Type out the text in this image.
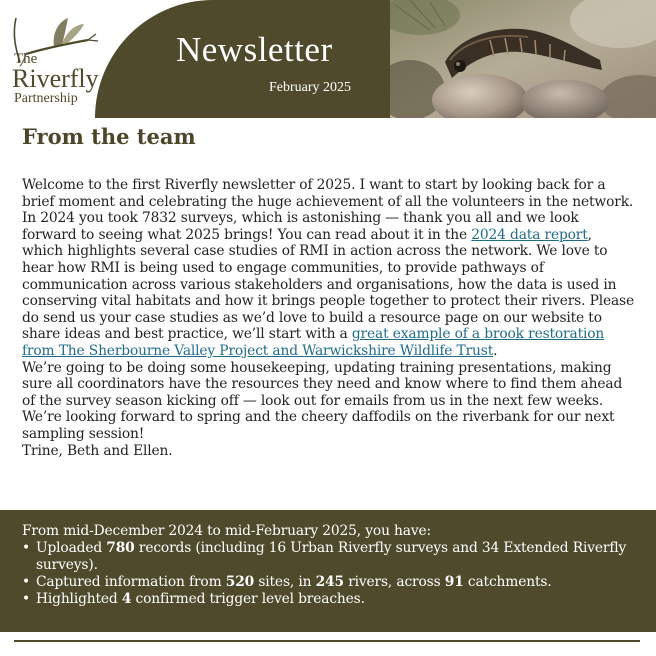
The
Riverfly
Partnership
Newsletter
February 2025
From the team

Welcome to the first Riverfly newsletter of 2025. I want to start by looking back for a brief moment and celebrating the huge achievement of all the volunteers in the network. In 2024 you took 7832 surveys, which is astonishing — thank you all and we look forward to seeing what 2025 brings! You can read about it in the 2024 data report, which highlights several case studies of RMI in action across the network. We love to hear how RMI is being used to engage communities, to provide pathways of communication across various stakeholders and organisations, how the data is used in conserving vital habitats and how it brings people together to protect their rivers. Please do send us your case studies as we’d love to build a resource page on our website to share ideas and best practice, we’ll start with a great example of a brook restoration from The Sherbourne Valley Project and Warwickshire Wildlife Trust.

We’re going to be doing some housekeeping, updating training presentations, making sure all coordinators have the resources they need and know where to find them ahead of the survey season kicking off — look out for emails from us in the next few weeks.

We’re looking forward to spring and the cheery daffodils on the riverbank for our next sampling session!

Trine, Beth and Ellen.

From mid-December 2024 to mid-February 2025, you have:
• Uploaded 780 records (including 16 Urban Riverfly surveys and 34 Extended Riverfly surveys).
• Captured information from 520 sites, in 245 rivers, across 91 catchments.
• Highlighted 4 confirmed trigger level breaches.
